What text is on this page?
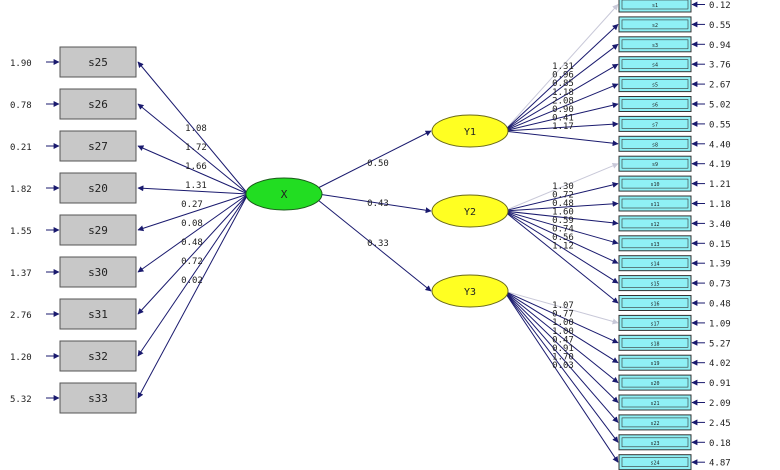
s25
1.90
1.08
s26
0.78
1.72
s27
0.21
1.66
s20
1.82	1.31
s29
1.55
0.27
s30
1.37
0.08
s31
2.76
0.48
s32
1.20
0.72
s33
5.32
0.02
0.50
0.43
0.33
s1	0.12
1.31
s2	0.55
0.96
s3	0.94
0.85
s4	3.76
1.18
s5	2.67
2.08	s6	5.02
0.90
s7	0.55
0.41
s8	4.40
1.17
s9	4.19
1.30	s10	1.21
0.72
s11	1.18
0.48
s12	3.40
1.60
s13	0.15
0.59
s14	1.39
0.74
s15	0.73
0.56
s16	0.48
1.12
s17	1.09
1.07
s18	5.27
0.77
s19	4.02
1.00
s20	0.91
1.00
s21	2.09
0.47
s22	2.45
0.91
s23	0.18
1.70
s24	4.87
0.03
X
Y1
Y2
Y3
